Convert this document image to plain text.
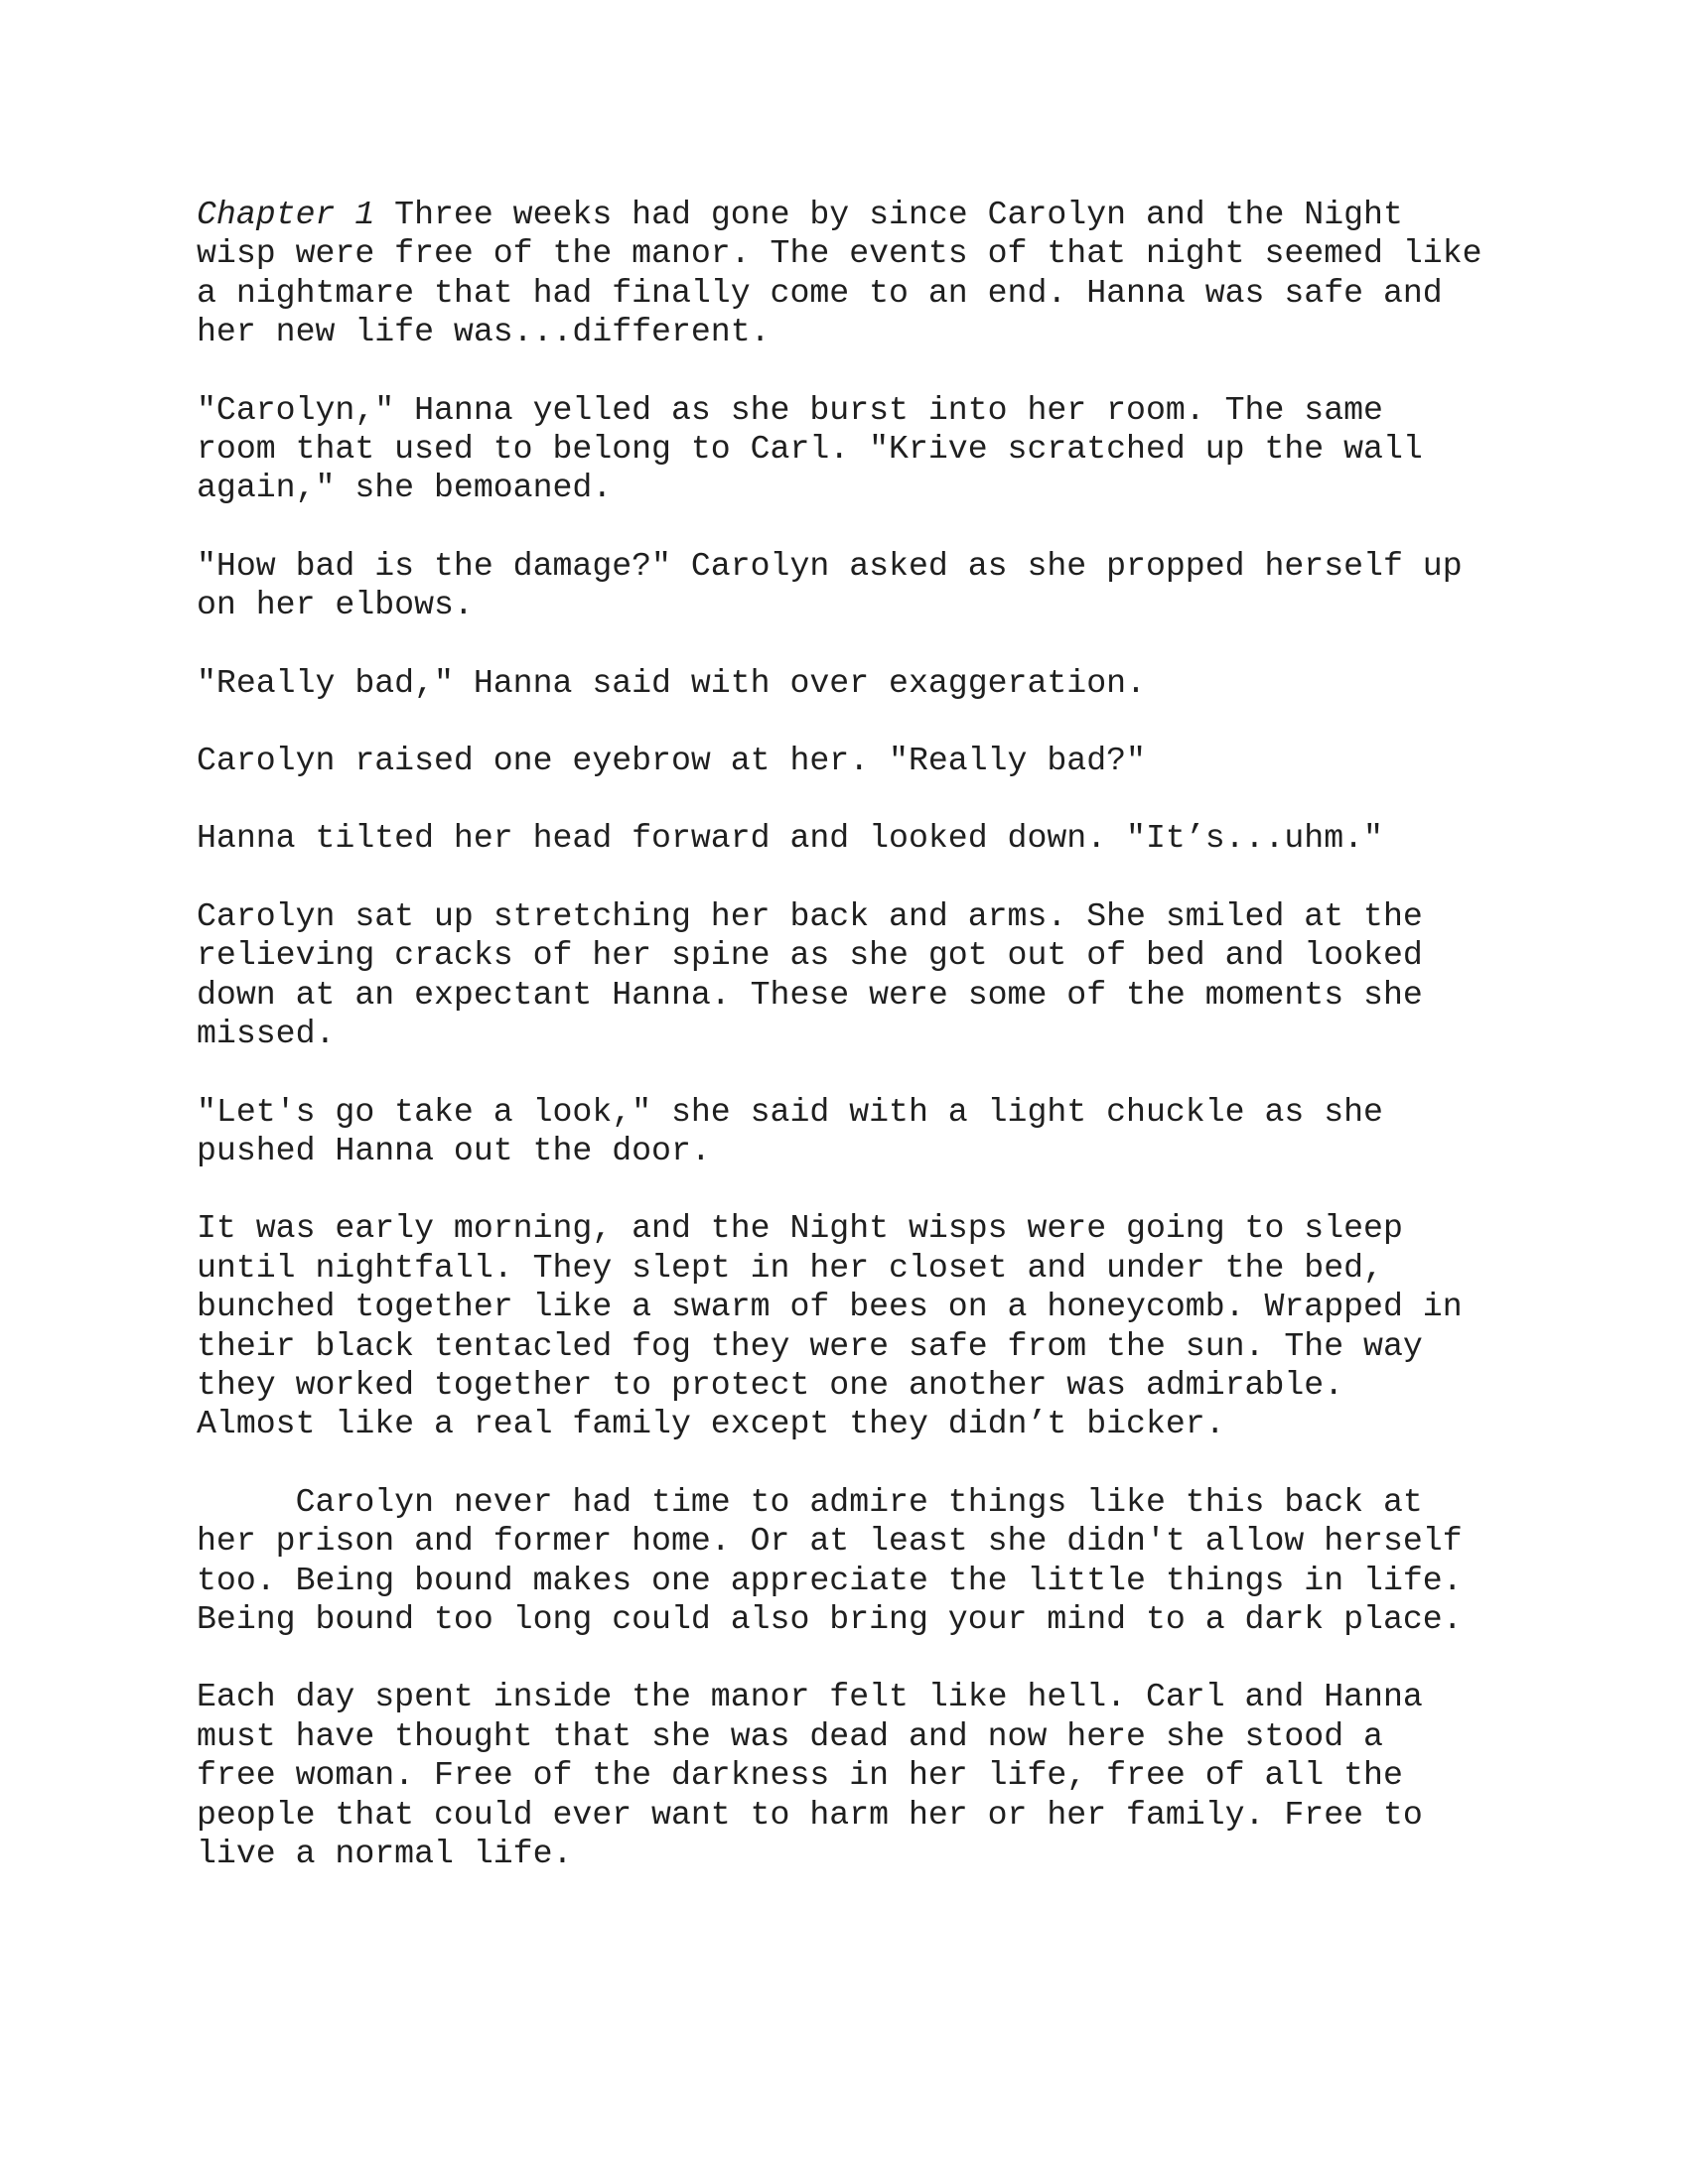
Chapter 1 Three weeks had gone by since Carolyn and the Night
wisp were free of the manor. The events of that night seemed like
a nightmare that had finally come to an end. Hanna was safe and
her new life was...different.
"Carolyn," Hanna yelled as she burst into her room. The same
room that used to belong to Carl. "Krive scratched up the wall
again," she bemoaned.
"How bad is the damage?" Carolyn asked as she propped herself up
on her elbows.
"Really bad," Hanna said with over exaggeration.
Carolyn raised one eyebrow at her. "Really bad?"
Hanna tilted her head forward and looked down. "It’s...uhm."
Carolyn sat up stretching her back and arms. She smiled at the
relieving cracks of her spine as she got out of bed and looked
down at an expectant Hanna. These were some of the moments she
missed.
"Let's go take a look," she said with a light chuckle as she
pushed Hanna out the door.
It was early morning, and the Night wisps were going to sleep
until nightfall. They slept in her closet and under the bed,
bunched together like a swarm of bees on a honeycomb. Wrapped in
their black tentacled fog they were safe from the sun. The way
they worked together to protect one another was admirable.
Almost like a real family except they didn’t bicker.
Carolyn never had time to admire things like this back at
her prison and former home. Or at least she didn't allow herself
too. Being bound makes one appreciate the little things in life.
Being bound too long could also bring your mind to a dark place.
Each day spent inside the manor felt like hell. Carl and Hanna
must have thought that she was dead and now here she stood a
free woman. Free of the darkness in her life, free of all the
people that could ever want to harm her or her family. Free to
live a normal life.
